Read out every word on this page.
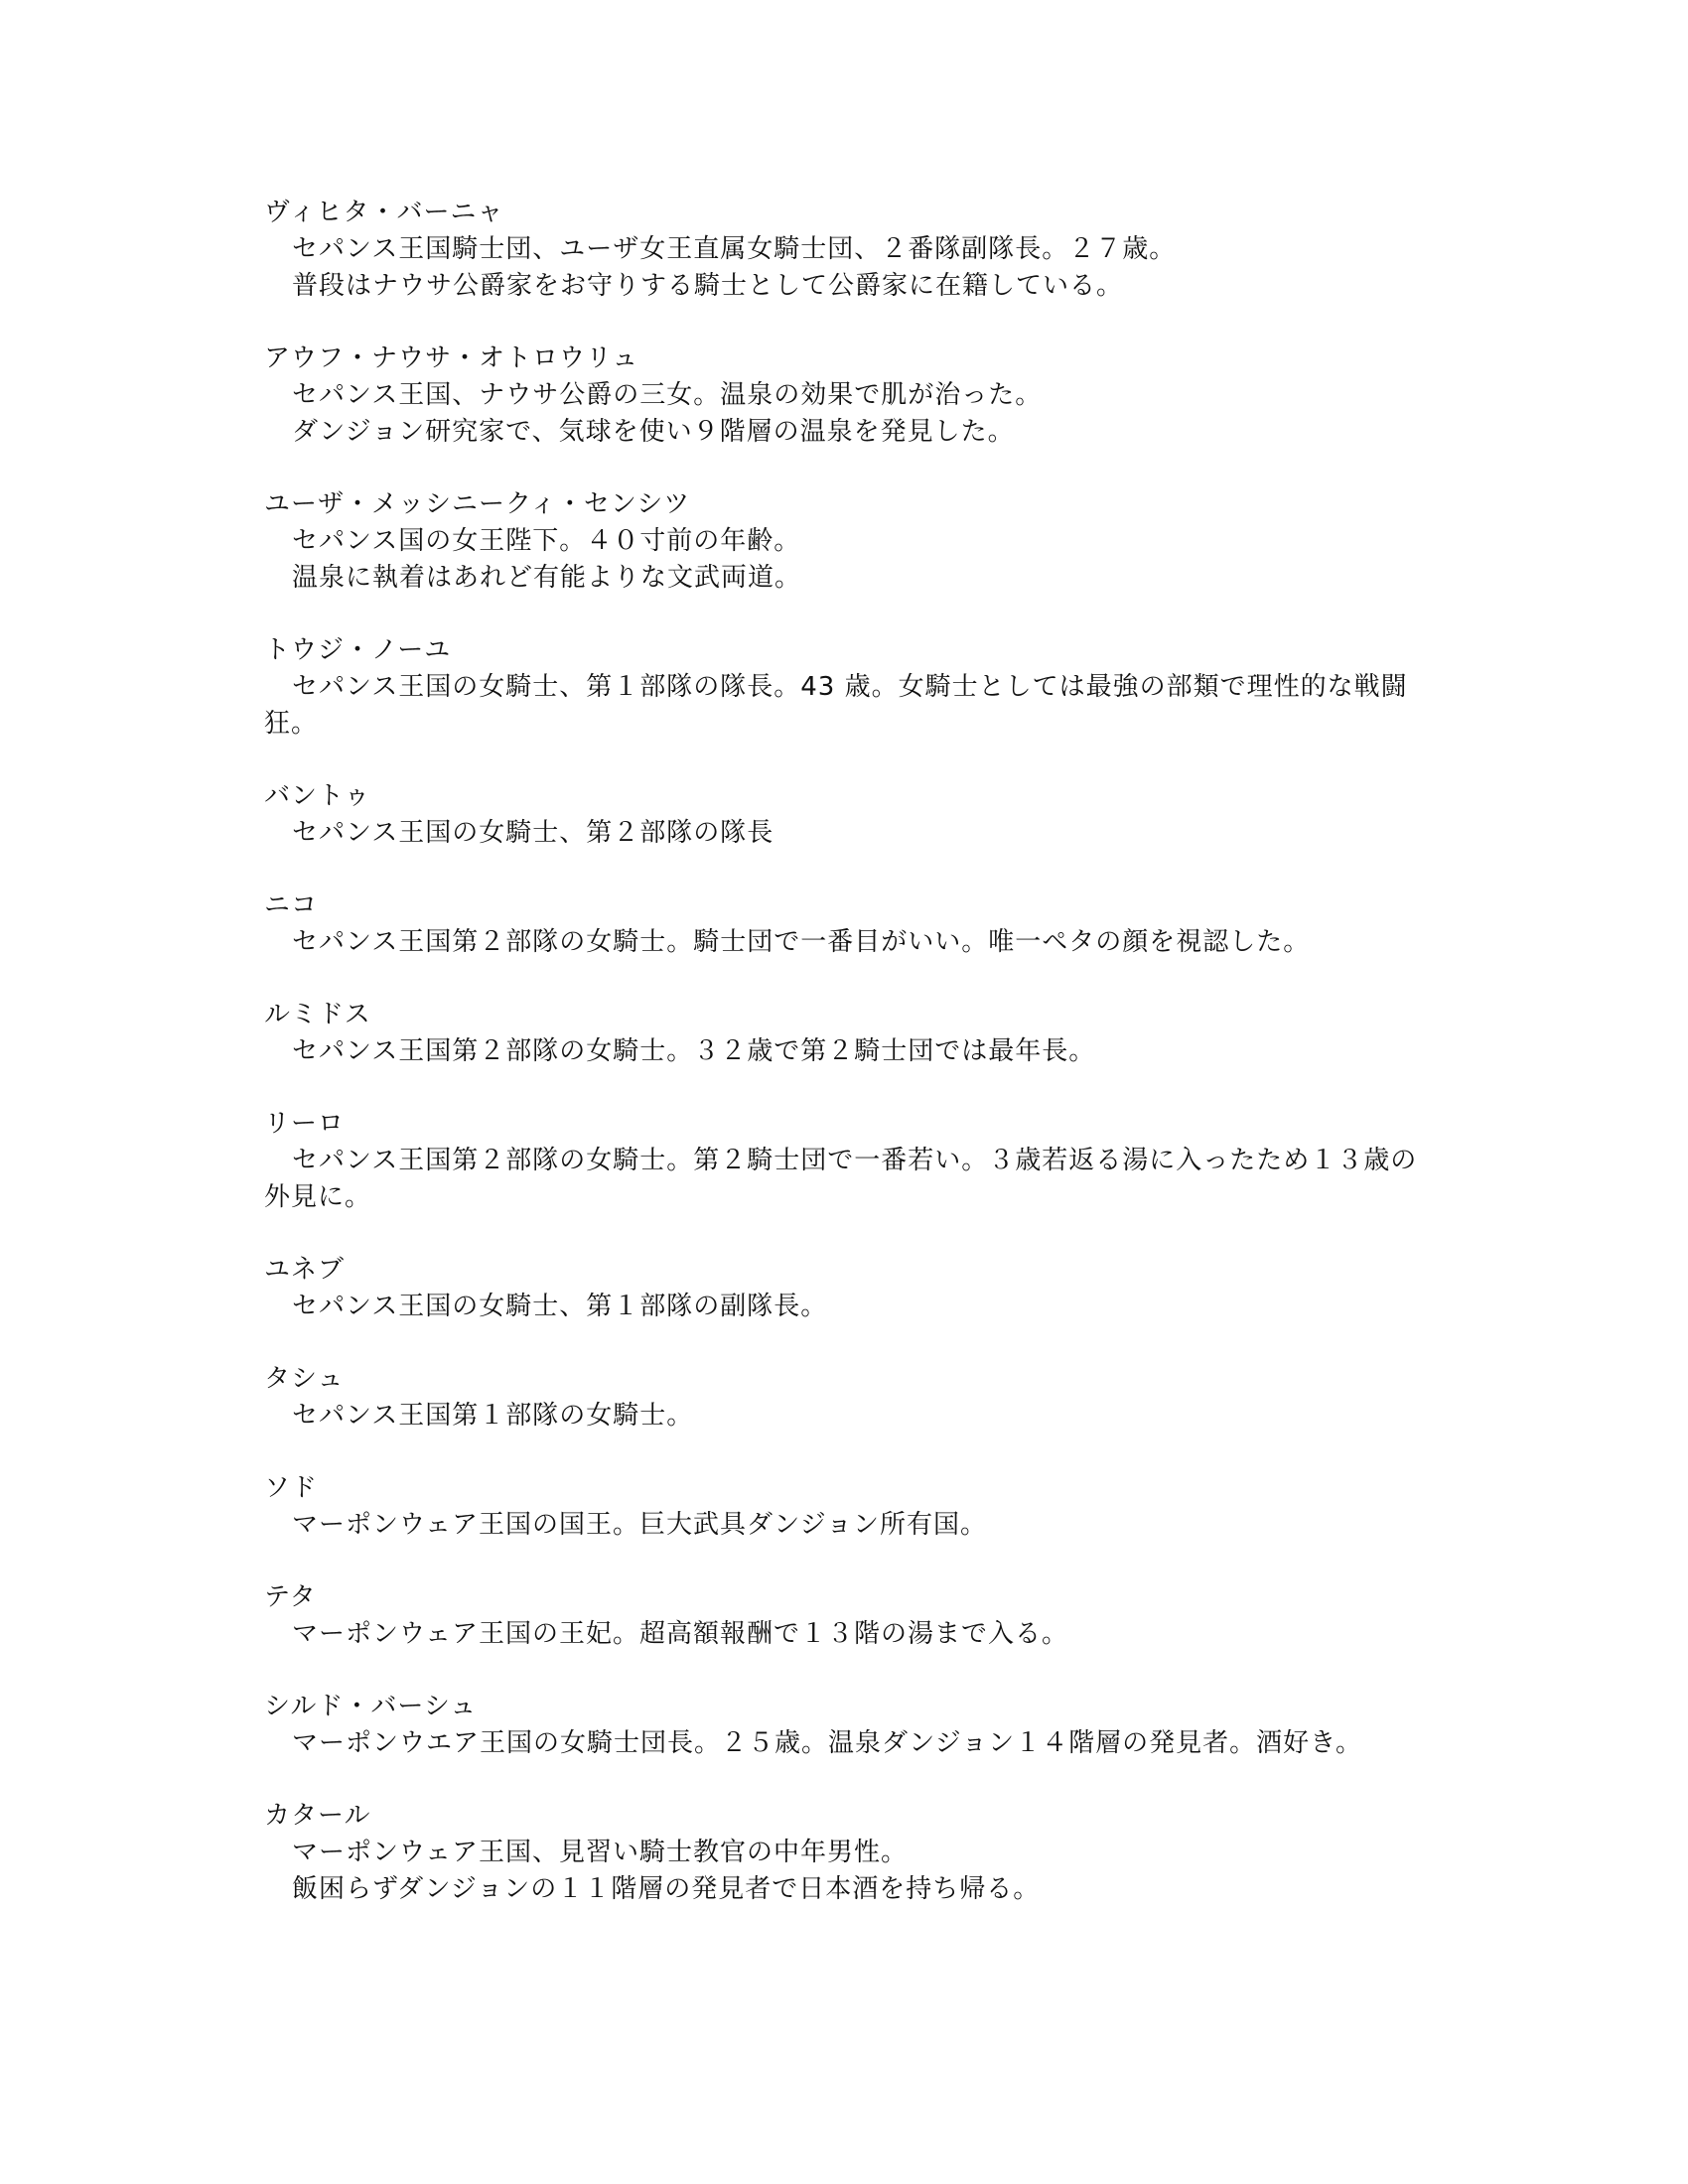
ヴィヒタ・バーニャ

セパンス王国騎士団、ユーザ女王直属女騎士団、２番隊副隊長。２７歳。

普段はナウサ公爵家をお守りする騎士として公爵家に在籍している。

アウフ・ナウサ・オトロウリュ

セパンス王国、ナウサ公爵の三女。温泉の効果で肌が治った。

ダンジョン研究家で、気球を使い９階層の温泉を発見した。

ユーザ・メッシニークィ・センシツ

セパンス国の女王陛下。４０寸前の年齢。

温泉に執着はあれど有能よりな文武両道。

トウジ・ノーユ

セパンス王国の女騎士、第１部隊の隊長。43 歳。女騎士としては最強の部類で理性的な戦闘狂。

バントゥ

セパンス王国の女騎士、第２部隊の隊長

ニコ

セパンス王国第２部隊の女騎士。騎士団で一番目がいい。唯一ペタの顔を視認した。

ルミドス

セパンス王国第２部隊の女騎士。３２歳で第２騎士団では最年長。

リーロ

セパンス王国第２部隊の女騎士。第２騎士団で一番若い。３歳若返る湯に入ったため１３歳の外見に。

ユネブ

セパンス王国の女騎士、第１部隊の副隊長。

タシュ

セパンス王国第１部隊の女騎士。

ソド

マーポンウェア王国の国王。巨大武具ダンジョン所有国。

テタ

マーポンウェア王国の王妃。超高額報酬で１３階の湯まで入る。

シルド・バーシュ

マーポンウエア王国の女騎士団長。２５歳。温泉ダンジョン１４階層の発見者。酒好き。

カタール

マーポンウェア王国、見習い騎士教官の中年男性。

飯困らずダンジョンの１１階層の発見者で日本酒を持ち帰る。
